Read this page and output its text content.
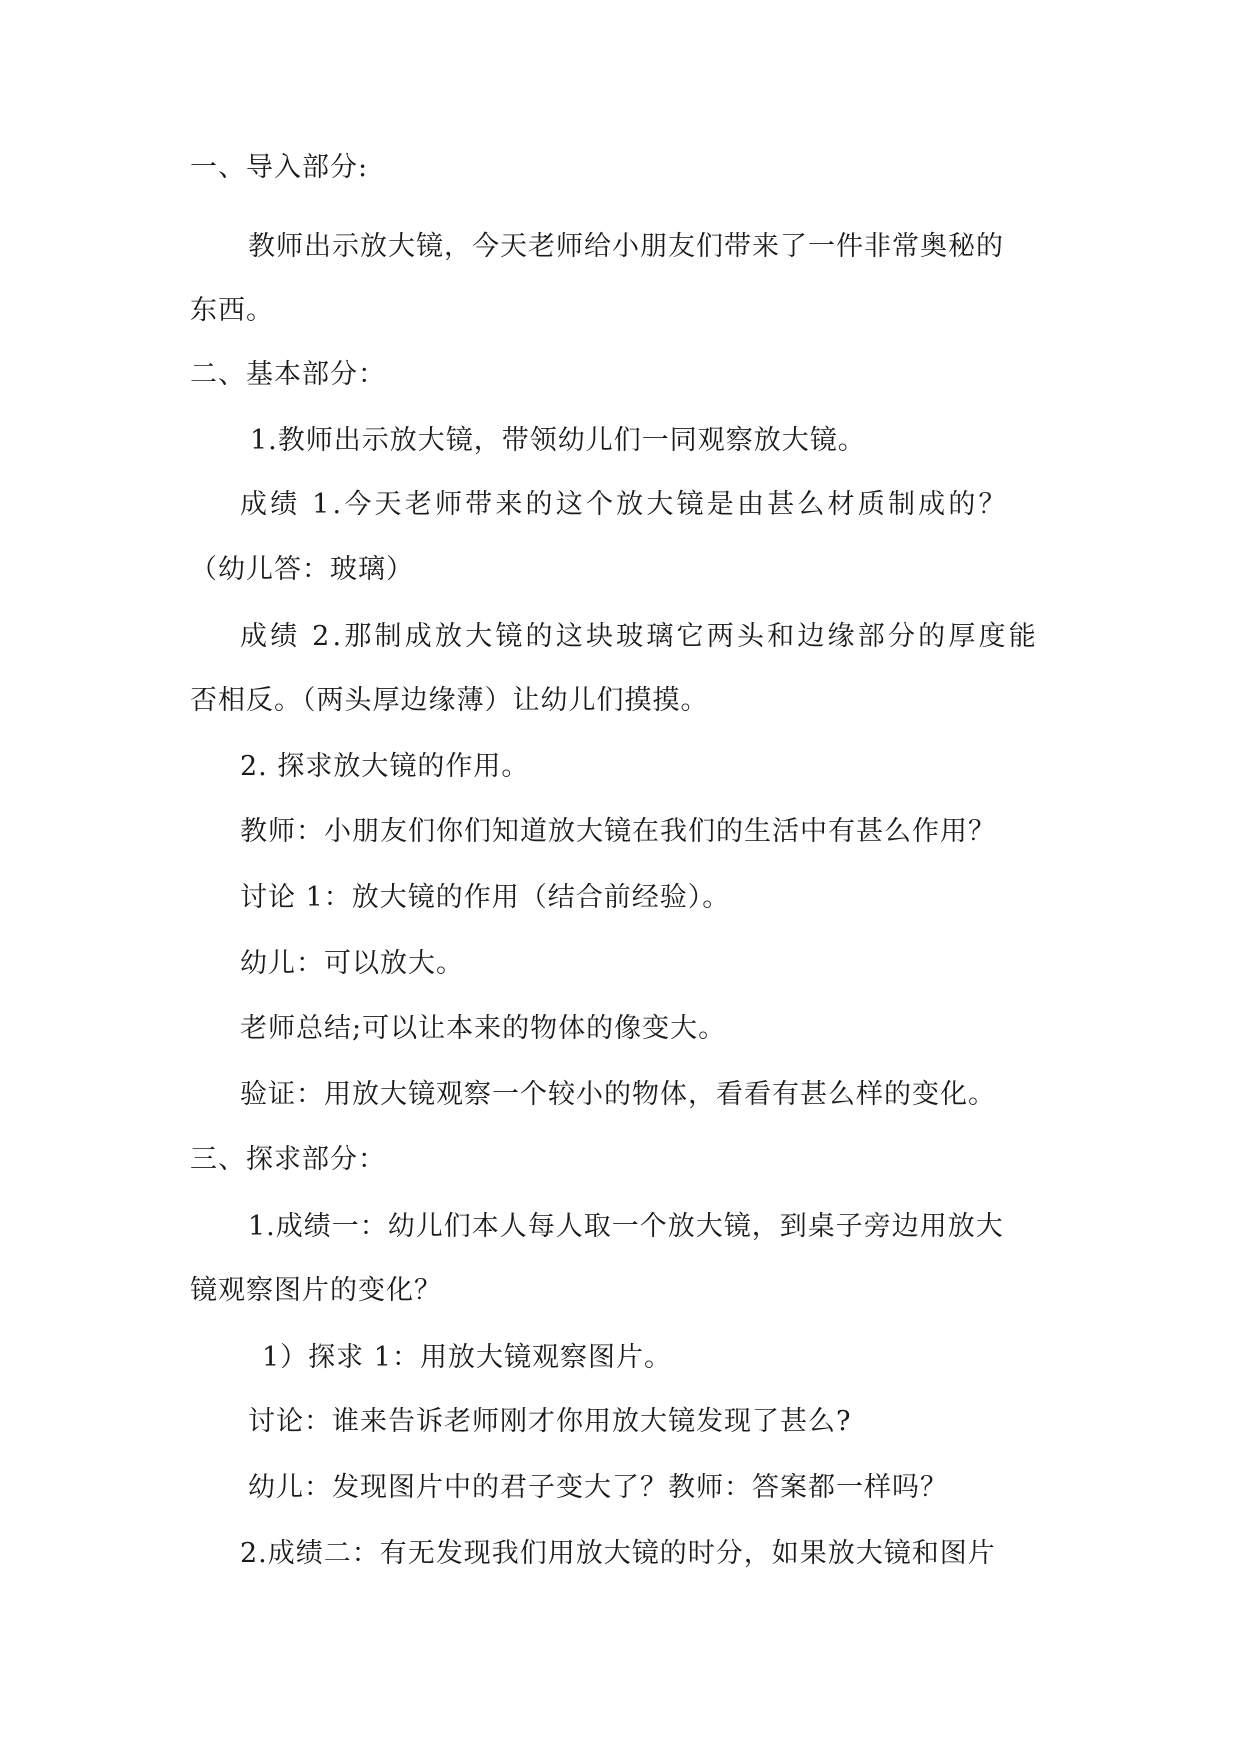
一、导入部分:
教师出示放大镜，今天老师给小朋友们带来了一件非常奥秘的
东西。
二、基本部分：
1.教师出示放大镜，带领幼儿们一同观察放大镜。
成绩 1.今天老师带来的这个放大镜是由甚么材质制成的？
（幼儿答：玻璃）
成绩 2.那制成放大镜的这块玻璃它两头和边缘部分的厚度能
否相反。（两头厚边缘薄）让幼儿们摸摸。
2. 探求放大镜的作用。
教师：小朋友们你们知道放大镜在我们的生活中有甚么作用？
讨论 1：放大镜的作用（结合前经验）。
幼儿：可以放大。
老师总结;可以让本来的物体的像变大。
验证：用放大镜观察一个较小的物体，看看有甚么样的变化。
三、探求部分：
1.成绩一：幼儿们本人每人取一个放大镜，到桌子旁边用放大
镜观察图片的变化？
1）探求 1：用放大镜观察图片。
讨论：谁来告诉老师刚才你用放大镜发现了甚么?
幼儿：发现图片中的君子变大了？教师：答案都一样吗？
2.成绩二：有无发现我们用放大镜的时分，如果放大镜和图片
